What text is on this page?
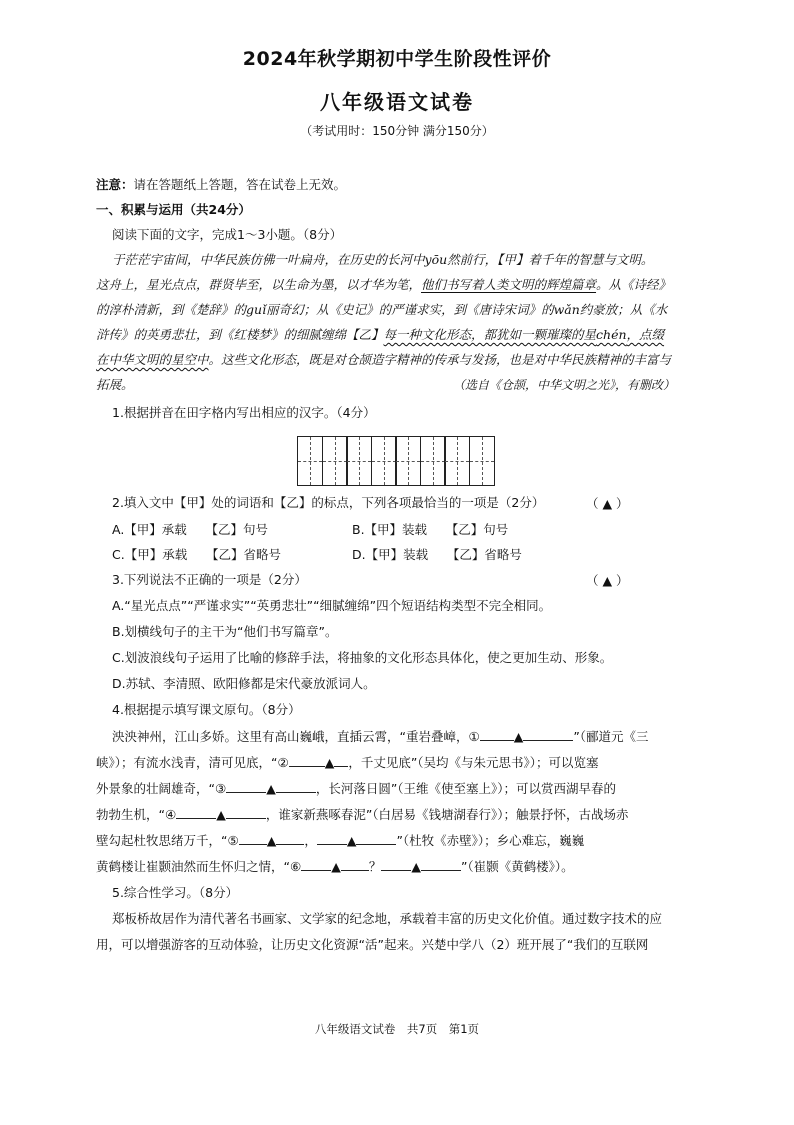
2024年秋学期初中学生阶段性评价
八年级语文试卷
（考试用时：150分钟 满分150分）
注意：请在答题纸上答题，答在试卷上无效。
一、积累与运用（共24分）
阅读下面的文字，完成1～3小题。（8分）
于茫茫宇宙间，中华民族仿佛一叶扁舟，在历史的长河中yōu然前行，【甲】着千年的智慧与文明。
这舟上，星光点点，群贤毕至，以生命为墨，以才华为笔，他们书写着人类文明的辉煌篇章。从《诗经》
的淳朴清新，到《楚辞》的guǐ丽奇幻；从《史记》的严谨求实，到《唐诗宋词》的wǎn约豪放；从《水
浒传》的英勇悲壮，到《红楼梦》的细腻缠绵【乙】每一种文化形态，都犹如一颗璀璨的星chén，点缀
在中华文明的星空中。这些文化形态，既是对仓颉造字精神的传承与发扬，也是对中华民族精神的丰富与
拓展。	（选自《仓颉，中华文明之光》，有删改）
1.根据拼音在田字格内写出相应的汉字。（4分）
2.填入文中【甲】处的词语和【乙】的标点，下列各项最恰当的一项是（2分）	（ ▲ ）
A.【甲】承载　　【乙】句号	B.【甲】装载　　【乙】句号
C.【甲】承载　　【乙】省略号	D.【甲】装载　　【乙】省略号
3.下列说法不正确的一项是（2分）	（ ▲ ）
A.“星光点点”“严谨求实”“英勇悲壮”“细腻缠绵”四个短语结构类型不完全相同。
B.划横线句子的主干为“他们书写篇章”。
C.划波浪线句子运用了比喻的修辞手法，将抽象的文化形态具体化，使之更加生动、形象。
D.苏轼、李清照、欧阳修都是宋代豪放派词人。
4.根据提示填写课文原句。（8分）
泱泱神州，江山多娇。这里有高山巍峨，直插云霄，“重岩叠嶂，①	▲	”（郦道元《三
峡》）；有流水浅青，清可见底，“②	▲ ，千丈见底”（吴均《与朱元思书》）；可以览塞
外景象的壮阔雄奇，“③	▲	，长河落日圆”（王维《使至塞上》）；可以赏西湖早春的
勃勃生机，“④	▲	，谁家新燕啄春泥”（白居易《钱塘湖春行》）；触景抒怀，古战场赤
壁勾起杜牧思绪万千，“⑤ ▲ ， ▲	”（杜牧《赤壁》）；乡心难忘，巍巍
黄鹤楼让崔颢油然而生怀归之情，“⑥ ▲ ？ ▲	”（崔颢《黄鹤楼》）。
5.综合性学习。（8分）
郑板桥故居作为清代著名书画家、文学家的纪念地，承载着丰富的历史文化价值。通过数字技术的应
用，可以增强游客的互动体验，让历史文化资源“活”起来。兴楚中学八（2）班开展了“我们的互联网
八年级语文试卷　共7页　第1页
